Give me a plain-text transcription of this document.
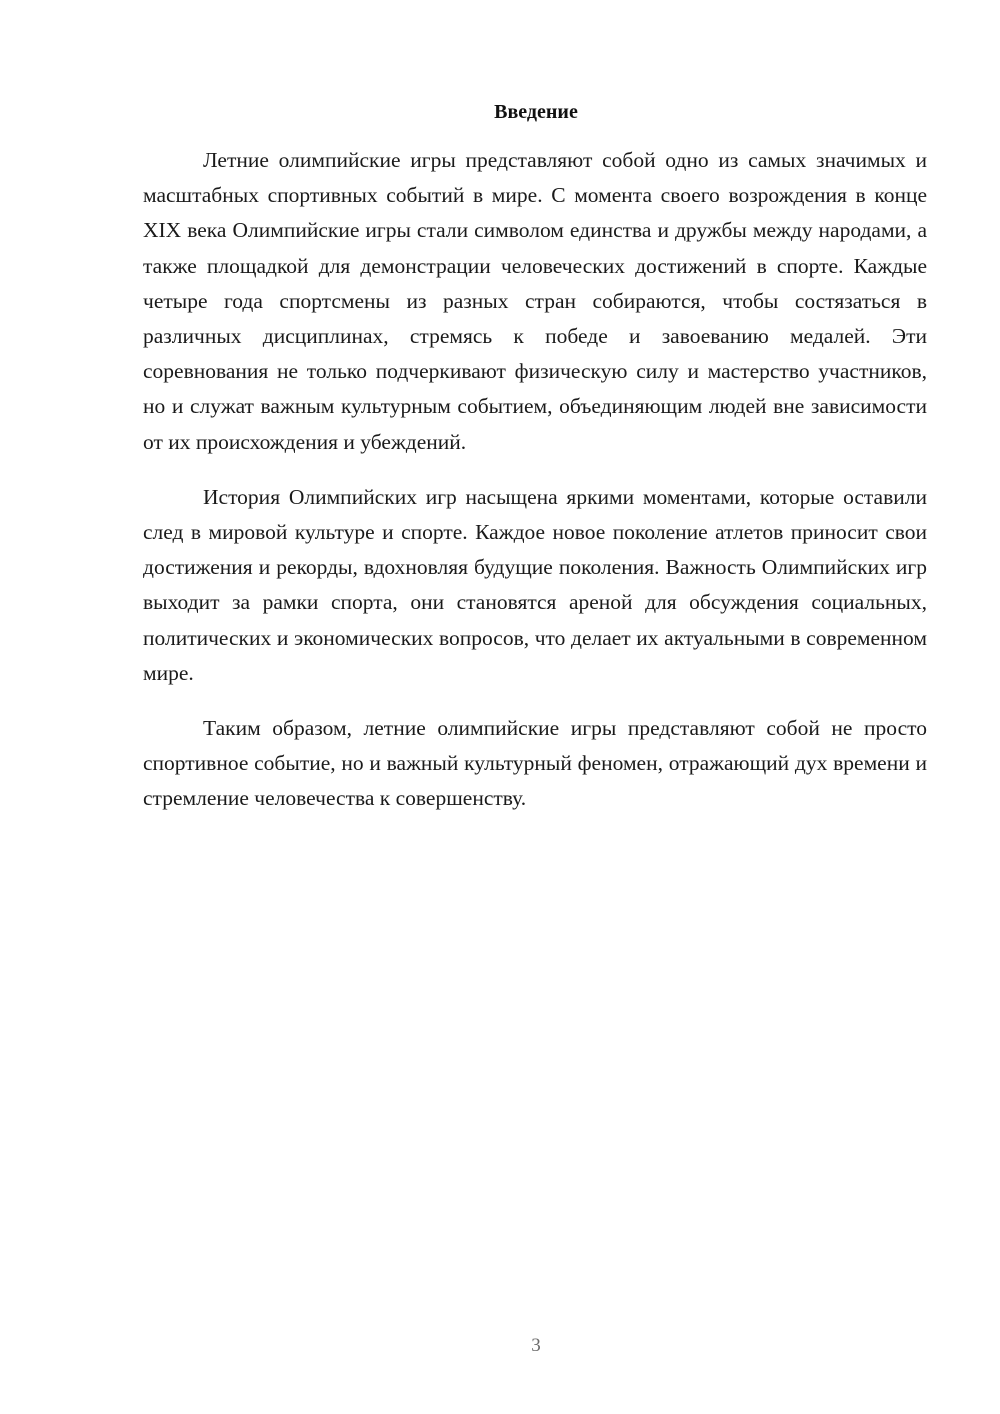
Введение

Летние олимпийские игры представляют собой одно из самых значимых и масштабных спортивных событий в мире. С момента своего возрождения в конце XIX века Олимпийские игры стали символом единства и дружбы между народами, а также площадкой для демонстрации человеческих достижений в спорте. Каждые четыре года спортсмены из разных стран собираются, чтобы состязаться в различных дисциплинах, стремясь к победе и завоеванию медалей. Эти соревнования не только подчеркивают физическую силу и мастерство участников, но и служат важным культурным событием, объединяющим людей вне зависимости от их происхождения и убеждений.

История Олимпийских игр насыщена яркими моментами, которые оставили след в мировой культуре и спорте. Каждое новое поколение атлетов приносит свои достижения и рекорды, вдохновляя будущие поколения. Важность Олимпийских игр выходит за рамки спорта, они становятся ареной для обсуждения социальных, политических и экономических вопросов, что делает их актуальными в современном мире.

Таким образом, летние олимпийские игры представляют собой не просто спортивное событие, но и важный культурный феномен, отражающий дух времени и стремление человечества к совершенству.

3
